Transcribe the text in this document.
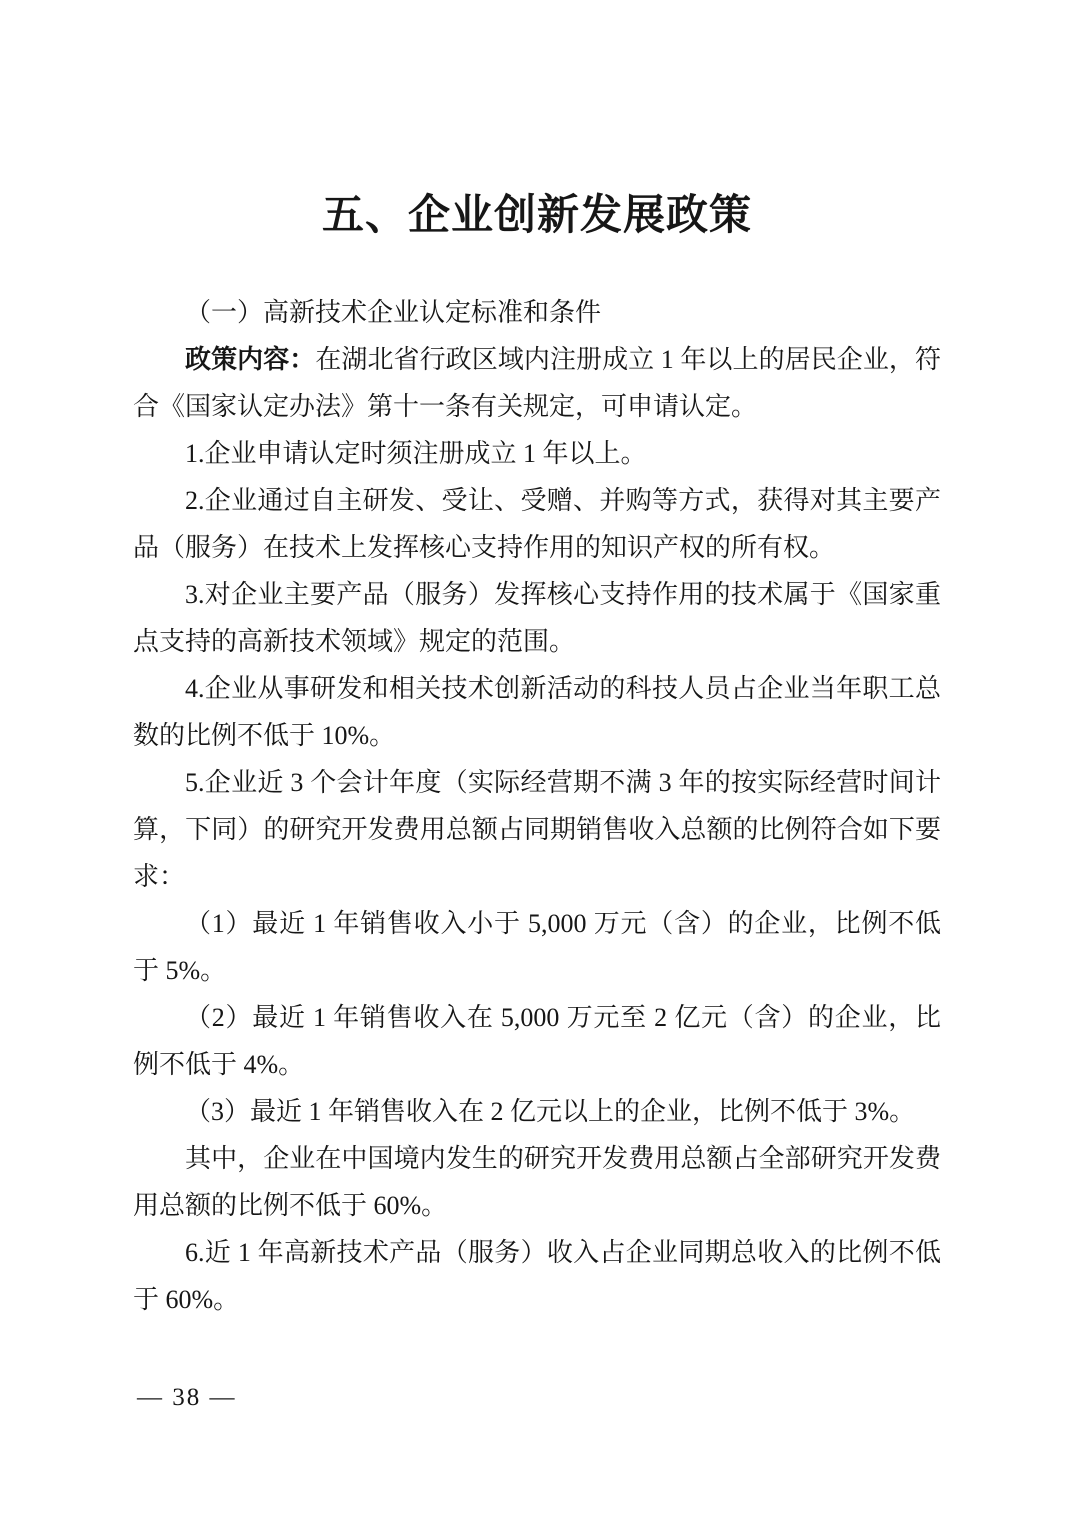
五、企业创新发展政策

（一）高新技术企业认定标准和条件

政策内容：在湖北省行政区域内注册成立 1 年以上的居民企业，符合《国家认定办法》第十一条有关规定，可申请认定。

1.企业申请认定时须注册成立 1 年以上。

2.企业通过自主研发、受让、受赠、并购等方式，获得对其主要产品（服务）在技术上发挥核心支持作用的知识产权的所有权。

3.对企业主要产品（服务）发挥核心支持作用的技术属于《国家重点支持的高新技术领域》规定的范围。

4.企业从事研发和相关技术创新活动的科技人员占企业当年职工总数的比例不低于 10%。

5.企业近 3 个会计年度（实际经营期不满 3 年的按实际经营时间计算，下同）的研究开发费用总额占同期销售收入总额的比例符合如下要求：

（1）最近 1 年销售收入小于 5,000 万元（含）的企业，比例不低于 5%。

（2）最近 1 年销售收入在 5,000 万元至 2 亿元（含）的企业，比例不低于 4%。

（3）最近 1 年销售收入在 2 亿元以上的企业，比例不低于 3%。

其中，企业在中国境内发生的研究开发费用总额占全部研究开发费用总额的比例不低于 60%。

6.近 1 年高新技术产品（服务）收入占企业同期总收入的比例不低于 60%。

— 38 —
